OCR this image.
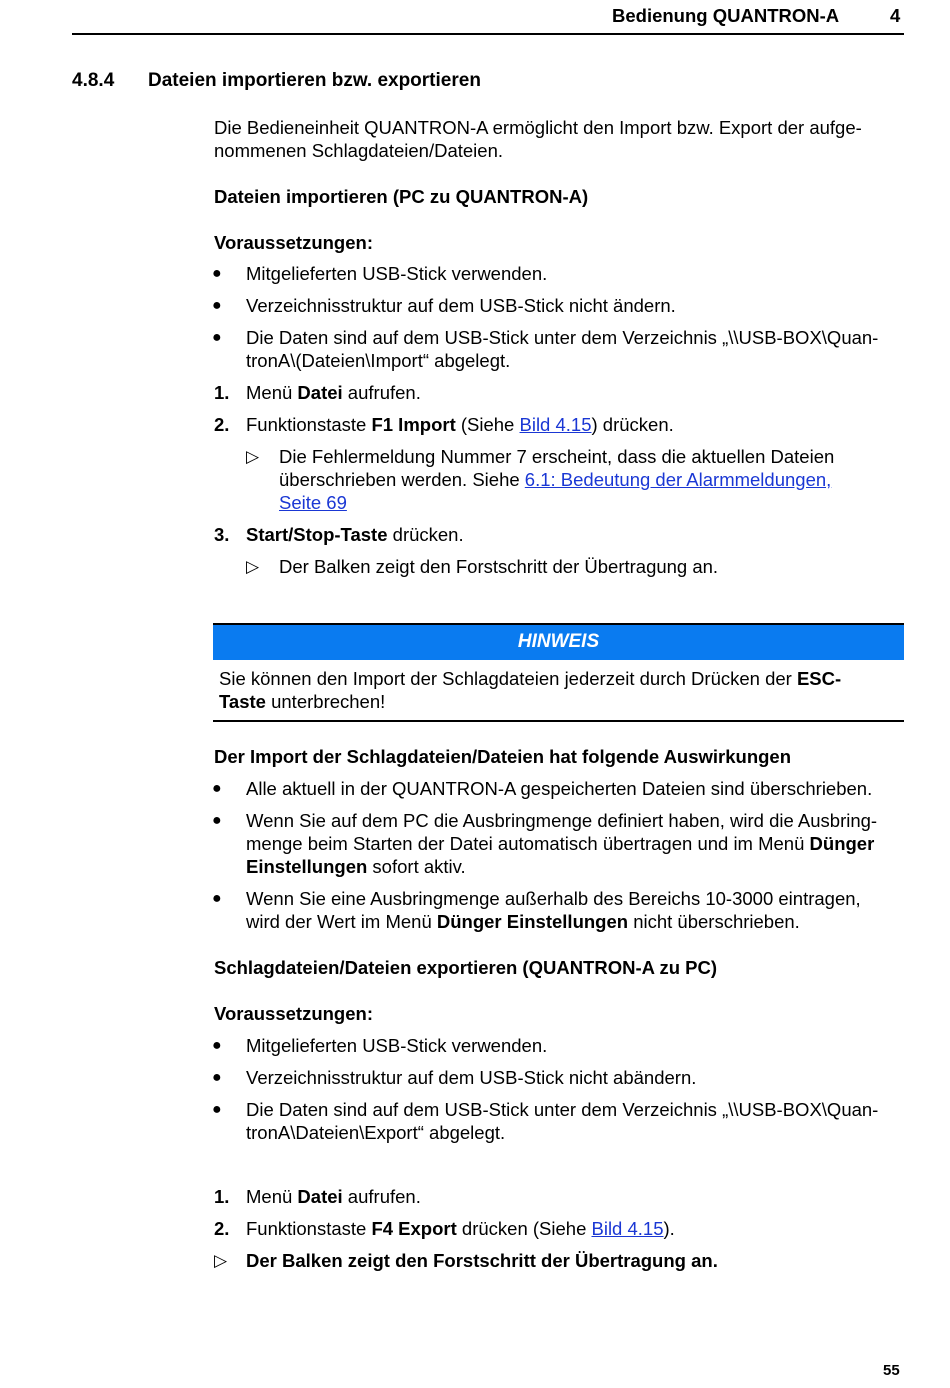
Bedienung QUANTRON-A	4
4.8.4 Dateien importieren bzw. exportieren
Die Bedieneinheit QUANTRON-A ermöglicht den Import bzw. Export der aufge-
nommenen Schlagdateien/Dateien.
Dateien importieren (PC zu QUANTRON-A)
Voraussetzungen:
● Mitgelieferten USB-Stick verwenden.
● Verzeichnisstruktur auf dem USB-Stick nicht ändern.
● Die Daten sind auf dem USB-Stick unter dem Verzeichnis „\\USB-BOX\Quan-
tronA\(Dateien\Import“ abgelegt.
1. Menü Datei aufrufen.
2. Funktionstaste F1 Import (Siehe Bild 4.15) drücken.
▷ Die Fehlermeldung Nummer 7 erscheint, dass die aktuellen Dateien
überschrieben werden. Siehe 6.1: Bedeutung der Alarmmeldungen,
Seite 69
3. Start/Stop-Taste drücken.
▷ Der Balken zeigt den Forstschritt der Übertragung an.
HINWEIS
Sie können den Import der Schlagdateien jederzeit durch Drücken der ESC-
Taste unterbrechen!
Der Import der Schlagdateien/Dateien hat folgende Auswirkungen
● Alle aktuell in der QUANTRON-A gespeicherten Dateien sind überschrieben.
● Wenn Sie auf dem PC die Ausbringmenge definiert haben, wird die Ausbring-
menge beim Starten der Datei automatisch übertragen und im Menü Dünger
Einstellungen sofort aktiv.
● Wenn Sie eine Ausbringmenge außerhalb des Bereichs 10-3000 eintragen,
wird der Wert im Menü Dünger Einstellungen nicht überschrieben.
Schlagdateien/Dateien exportieren (QUANTRON-A zu PC)
Voraussetzungen:
● Mitgelieferten USB-Stick verwenden.
● Verzeichnisstruktur auf dem USB-Stick nicht abändern.
● Die Daten sind auf dem USB-Stick unter dem Verzeichnis „\\USB-BOX\Quan-
tronA\Dateien\Export“ abgelegt.
1. Menü Datei aufrufen.
2. Funktionstaste F4 Export drücken (Siehe Bild 4.15).
▷ Der Balken zeigt den Forstschritt der Übertragung an.
55
